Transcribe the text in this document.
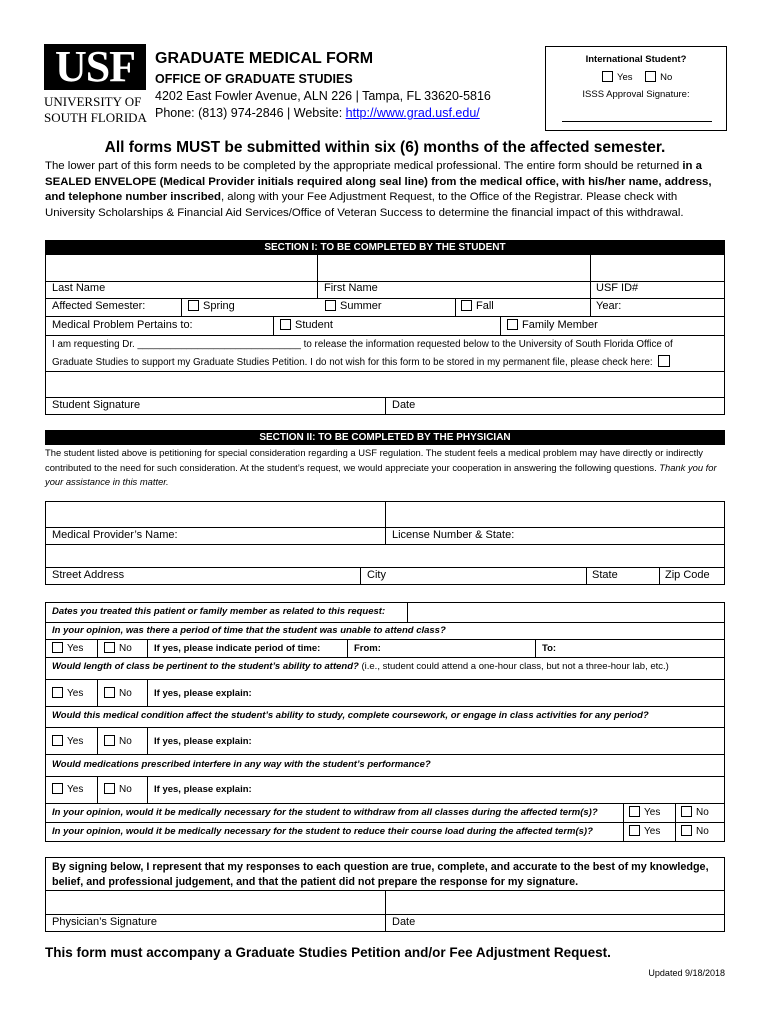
USF
UNIVERSITY OF
SOUTH FLORIDA
GRADUATE MEDICAL FORM
OFFICE OF GRADUATE STUDIES
4202 East Fowler Avenue, ALN 226 | Tampa, FL 33620-5816
Phone: (813) 974-2846 | Website: http://www.grad.usf.edu/
International Student?
Yes	No
ISSS Approval Signature:
All forms MUST be submitted within six (6) months of the affected semester.
The lower part of this form needs to be completed by the appropriate medical professional. The entire form should be returned in a SEALED ENVELOPE (Medical Provider initials required along seal line) from the medical office, with his/her name, address, and telephone number inscribed, along with your Fee Adjustment Request, to the Office of the Registrar. Please check with University Scholarships & Financial Aid Services/Office of Veteran Success to determine the financial impact of this withdrawal.
SECTION I: TO BE COMPLETED BY THE STUDENT
Last Name	First Name	USF ID#
Affected Semester:	Spring	Summer	Fall	Year:
Medical Problem Pertains to:	Student	Family Member
I am requesting Dr. ______________________________ to release the information requested below to the University of South Florida Office of
Graduate Studies to support my Graduate Studies Petition. I do not wish for this form to be stored in my permanent file, please check here:
Student Signature	Date
SECTION II: TO BE COMPLETED BY THE PHYSICIAN
The student listed above is petitioning for special consideration regarding a USF regulation. The student feels a medical problem may have directly or indirectly contributed to the need for such consideration. At the student’s request, we would appreciate your cooperation in answering the following questions. Thank you for your assistance in this matter.
Medical Provider’s Name:	License Number & State:
Street Address	City	State	Zip Code
Dates you treated this patient or family member as related to this request:
In your opinion, was there a period of time that the student was unable to attend class?
Yes	No If yes, please indicate period of time:	From:	To:
Would length of class be pertinent to the student’s ability to attend? (i.e., student could attend a one-hour class, but not a three-hour lab, etc.)
Yes	No If yes, please explain:
Would this medical condition affect the student’s ability to study, complete coursework, or engage in class activities for any period?
Yes	No If yes, please explain:
Would medications prescribed interfere in any way with the student’s performance?
Yes	No If yes, please explain:
In your opinion, would it be medically necessary for the student to withdraw from all classes during the affected term(s)?	Yes	No
In your opinion, would it be medically necessary for the student to reduce their course load during the affected term(s)?	Yes	No
By signing below, I represent that my responses to each question are true, complete, and accurate to the best of my knowledge, belief, and professional judgement, and that the patient did not prepare the response for my signature.
Physician’s Signature	Date
This form must accompany a Graduate Studies Petition and/or Fee Adjustment Request.
Updated 9/18/2018
